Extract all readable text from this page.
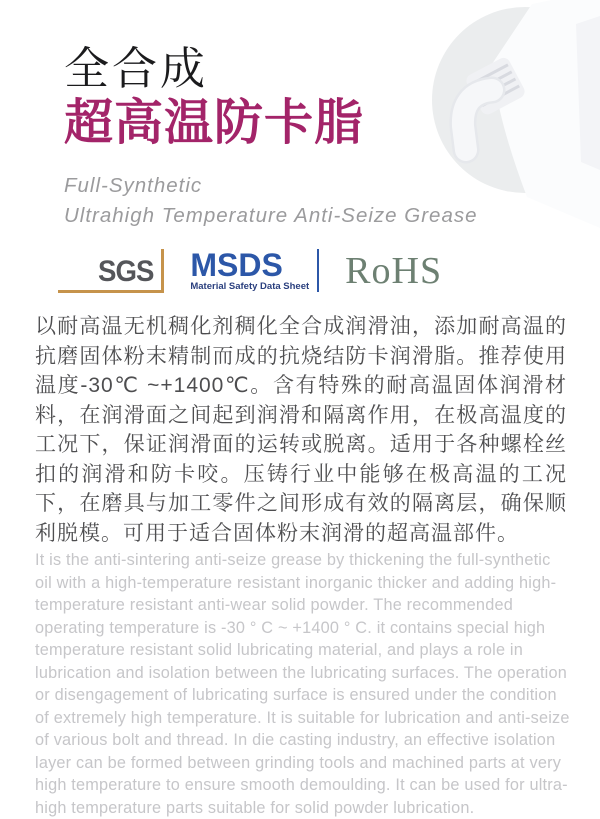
全合成
超高温防卡脂
Full-Synthetic
Ultrahigh Temperature Anti-Seize Grease
SGS	MSDS
Material Safety Data Sheet RoHS

以耐高温无机稠化剂稠化全合成润滑油，添加耐高温的抗磨固体粉末精制而成的抗烧结防卡润滑脂。推荐使用温度-30℃ ~+1400℃。含有特殊的耐高温固体润滑材料，在润滑面之间起到润滑和隔离作用，在极高温度的工况下，保证润滑面的运转或脱离。适用于各种螺栓丝扣的润滑和防卡咬。压铸行业中能够在极高温的工况下，在磨具与加工零件之间形成有效的隔离层，确保顺利脱模。可用于适合固体粉末润滑的超高温部件。

It is the anti-sintering anti-seize grease by thickening the full-synthetic oil with a high-temperature resistant inorganic thicker and adding high-temperature resistant anti-wear solid powder. The recommended operating temperature is -30 ° C ~ +1400 ° C. it contains special high temperature resistant solid lubricating material, and plays a role in lubrication and isolation between the lubricating surfaces. The operation or disengagement of lubricating surface is ensured under the condition of extremely high temperature. It is suitable for lubrication and anti-seize of various bolt and thread. In die casting industry, an effective isolation layer can be formed between grinding tools and machined parts at very high temperature to ensure smooth demoulding. It can be used for ultra-high temperature parts suitable for solid powder lubrication.
